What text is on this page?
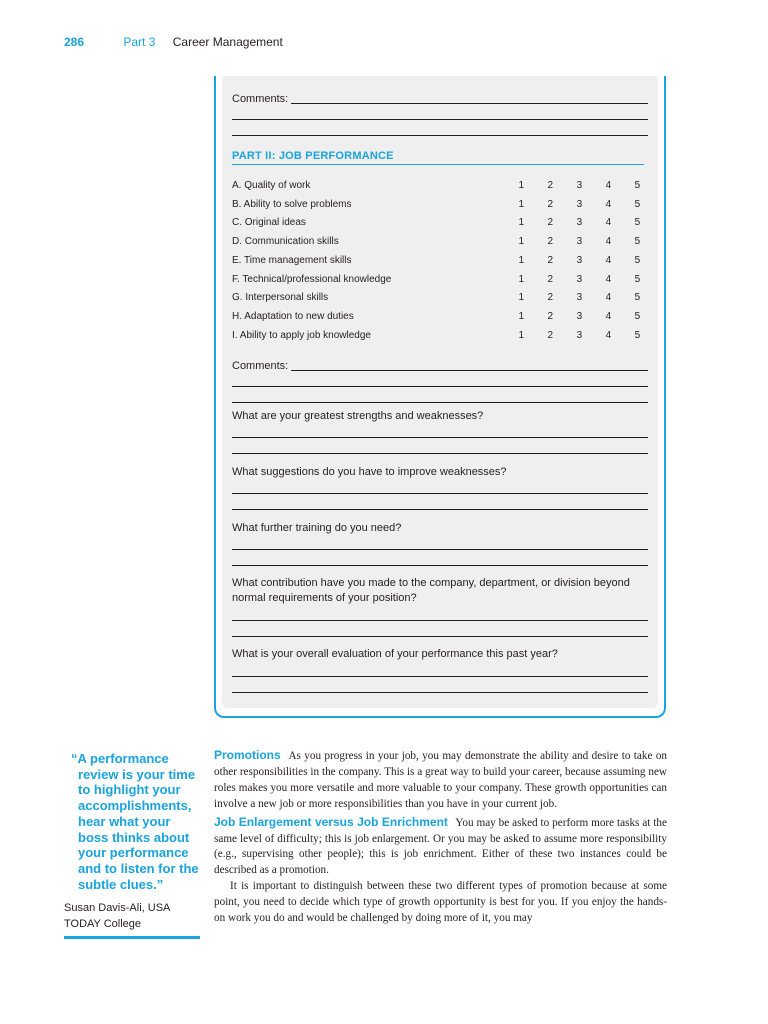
286	Part 3 Career Management
Comments:
PART II: JOB PERFORMANCE
A. Quality of work	1	2	3	4	5
B. Ability to solve problems	1	2	3	4	5
C. Original ideas	1	2	3	4	5
D. Communication skills	1	2	3	4	5
E. Time management skills	1	2	3	4	5
F. Technical/professional knowledge	1	2	3	4	5
G. Interpersonal skills	1	2	3	4	5
H. Adaptation to new duties	1	2	3	4	5
I. Ability to apply job knowledge	1	2	3	4	5
Comments:
What are your greatest strengths and weaknesses?
What suggestions do you have to improve weaknesses?
What further training do you need?
What contribution have you made to the company, department, or division beyond normal requirements of your position?
What is your overall evaluation of your performance this past year?
“A performance review is your time to highlight your accomplishments, hear what your boss thinks about your performance and to listen for the subtle clues.”
Susan Davis-Ali, USA
TODAY College

Promotions As you progress in your job, you may demonstrate the ability and desire to take on other responsibilities in the company. This is a great way to build your career, because assuming new roles makes you more versatile and more valuable to your company. These growth opportunities can involve a new job or more responsibilities than you have in your current job.

Job Enlargement versus Job Enrichment You may be asked to perform more tasks at the same level of difficulty; this is job enlargement. Or you may be asked to assume more responsibility (e.g., supervising other people); this is job enrichment. Either of these two instances could be described as a promotion.

It is important to distinguish between these two different types of promotion because at some point, you need to decide which type of growth opportunity is best for you. If you enjoy the hands-on work you do and would be challenged by doing more of it, you may
